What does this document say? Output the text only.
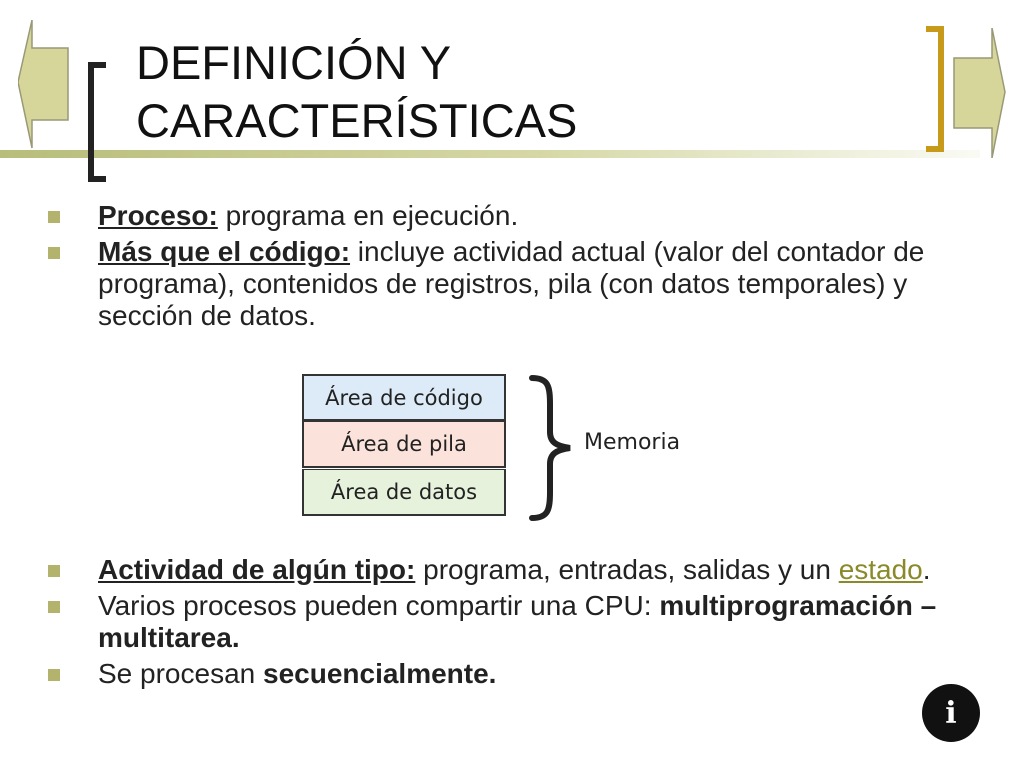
DEFINICIÓN Y
CARACTERÍSTICAS
Proceso: programa en ejecución.
Más que el código: incluye actividad actual (valor del contador de programa), contenidos de registros, pila (con datos temporales) y sección de datos.
Área de código
Área de pila
Área de datos
Memoria
Actividad de algún tipo: programa, entradas, salidas y un estado.
Varios procesos pueden compartir una CPU: multiprogramación – multitarea.
Se procesan secuencialmente.
i
